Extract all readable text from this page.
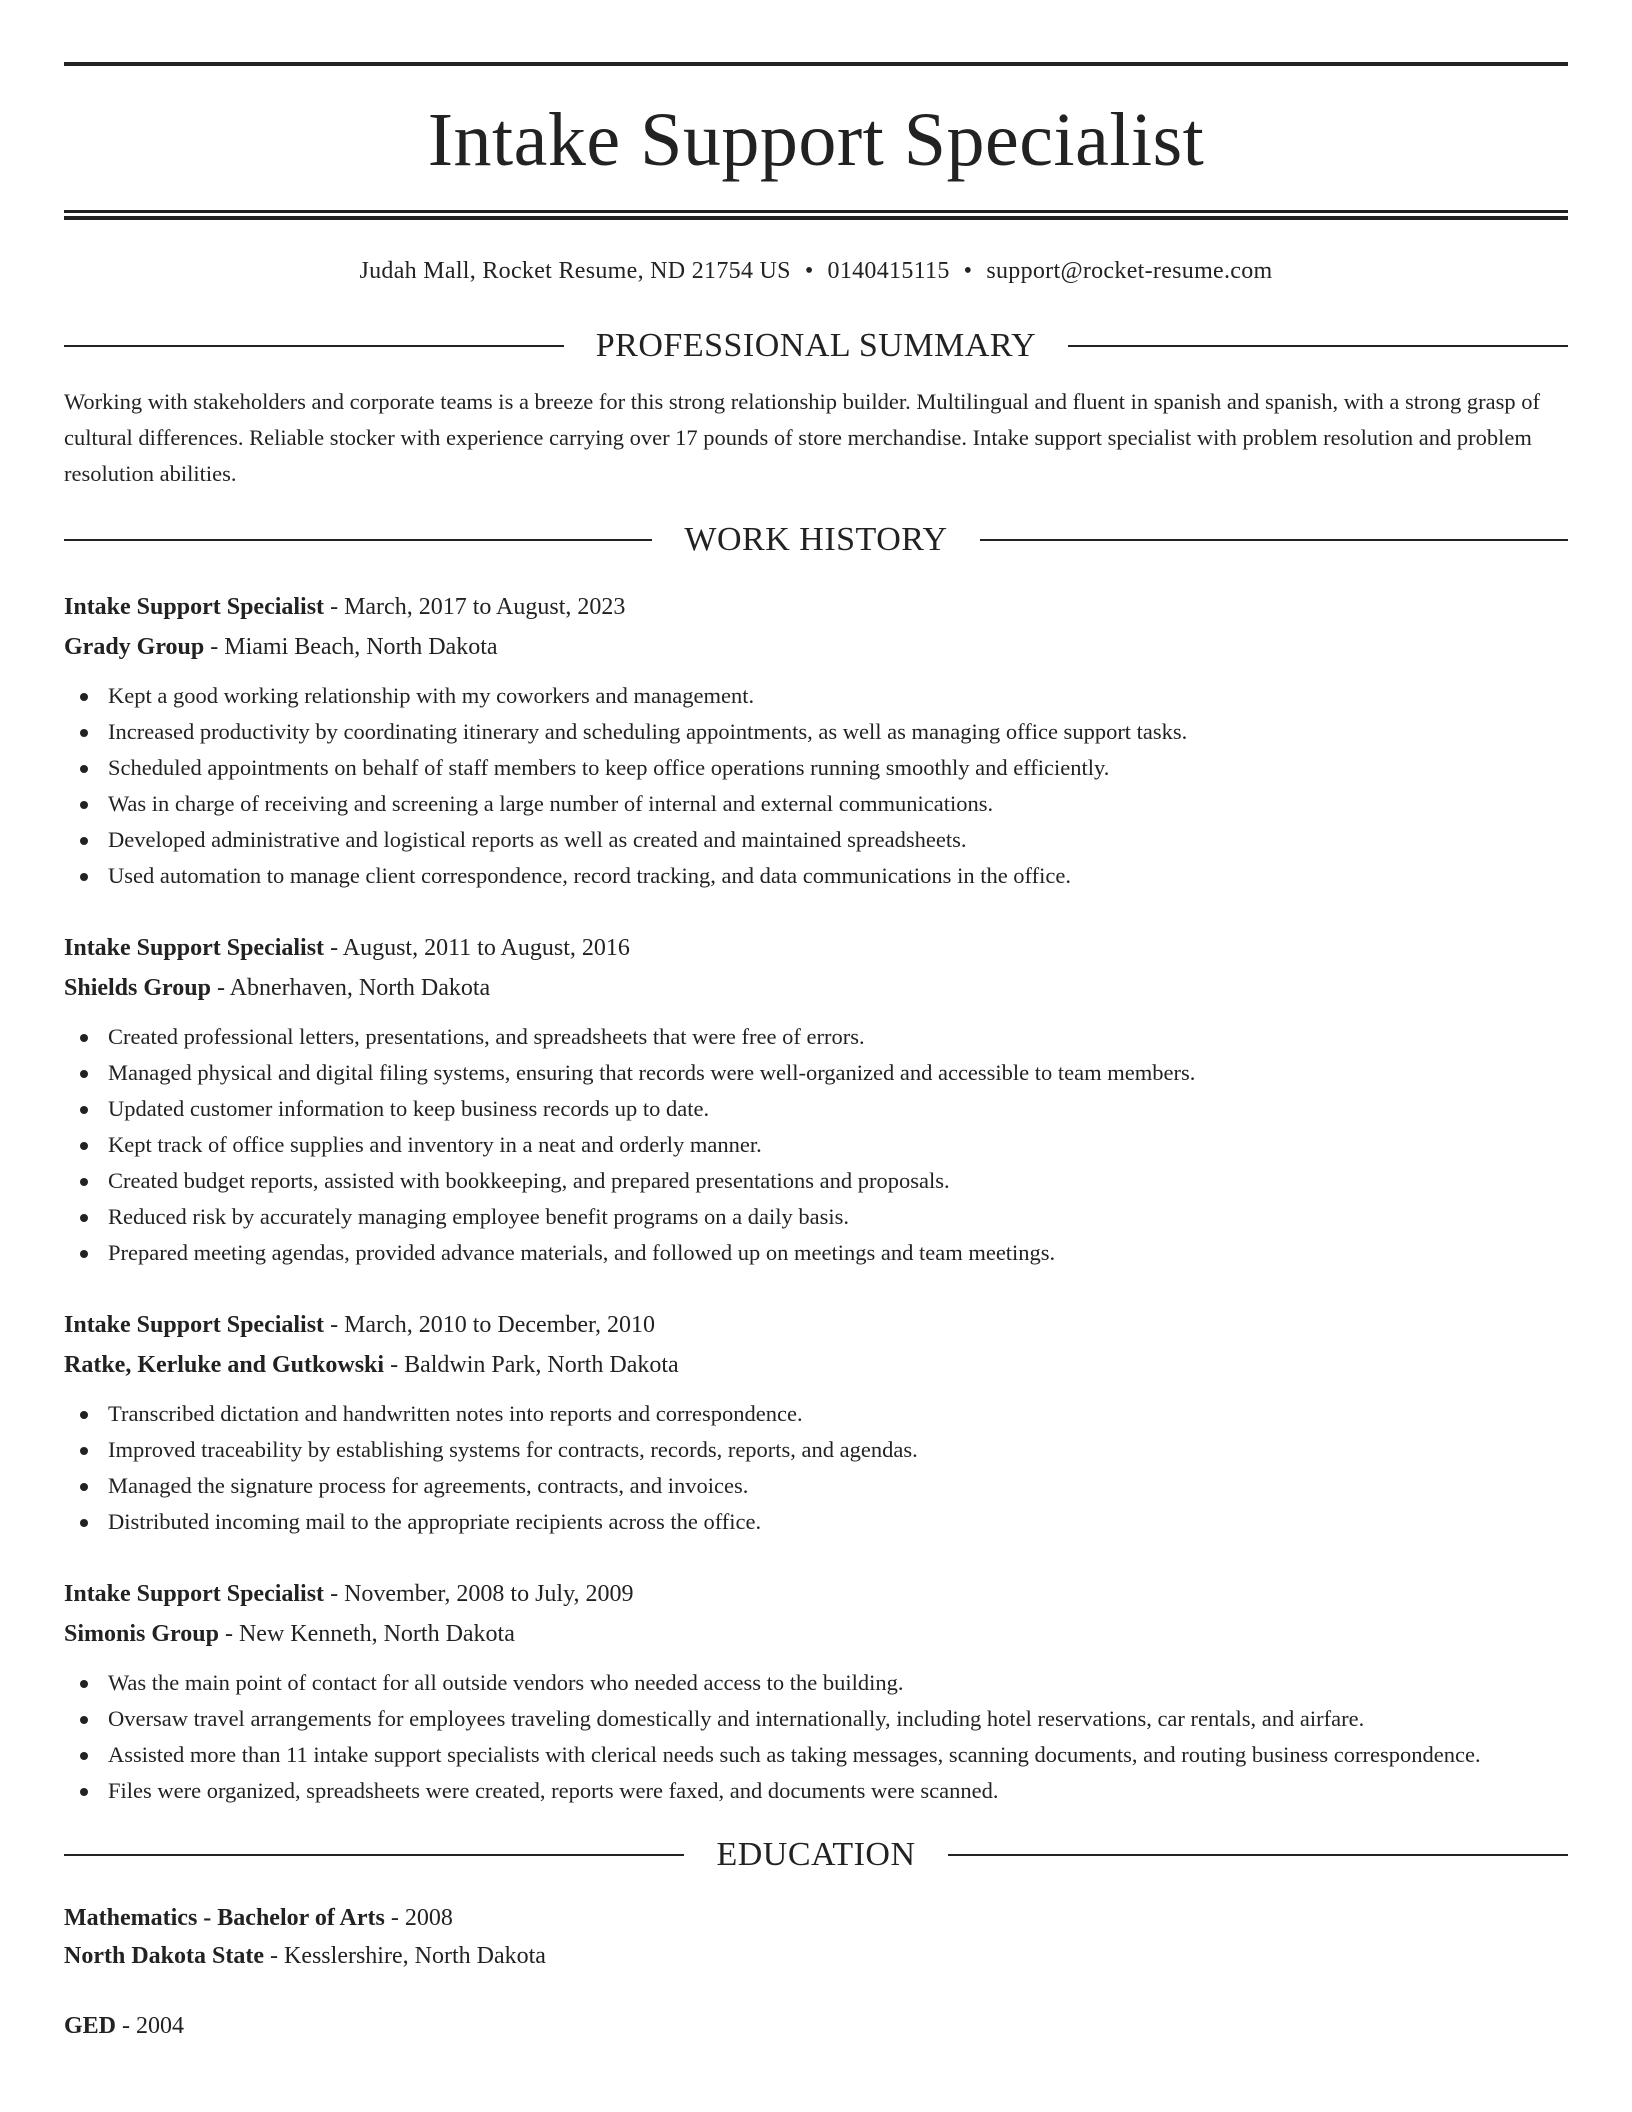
Intake Support Specialist
Judah Mall, Rocket Resume, ND 21754 US • 0140415115 • support@rocket-resume.com
PROFESSIONAL SUMMARY

Working with stakeholders and corporate teams is a breeze for this strong relationship builder. Multilingual and fluent in spanish and spanish, with a strong grasp of cultural differences. Reliable stocker with experience carrying over 17 pounds of store merchandise. Intake support specialist with problem resolution and problem resolution abilities.

WORK HISTORY
Intake Support Specialist - March, 2017 to August, 2023
Grady Group - Miami Beach, North Dakota
Kept a good working relationship with my coworkers and management.
Increased productivity by coordinating itinerary and scheduling appointments, as well as managing office support tasks.
Scheduled appointments on behalf of staff members to keep office operations running smoothly and efficiently.
Was in charge of receiving and screening a large number of internal and external communications.
Developed administrative and logistical reports as well as created and maintained spreadsheets.
Used automation to manage client correspondence, record tracking, and data communications in the office.
Intake Support Specialist - August, 2011 to August, 2016
Shields Group - Abnerhaven, North Dakota
Created professional letters, presentations, and spreadsheets that were free of errors.
Managed physical and digital filing systems, ensuring that records were well-organized and accessible to team members.
Updated customer information to keep business records up to date.
Kept track of office supplies and inventory in a neat and orderly manner.
Created budget reports, assisted with bookkeeping, and prepared presentations and proposals.
Reduced risk by accurately managing employee benefit programs on a daily basis.
Prepared meeting agendas, provided advance materials, and followed up on meetings and team meetings.
Intake Support Specialist - March, 2010 to December, 2010
Ratke, Kerluke and Gutkowski - Baldwin Park, North Dakota
Transcribed dictation and handwritten notes into reports and correspondence.
Improved traceability by establishing systems for contracts, records, reports, and agendas.
Managed the signature process for agreements, contracts, and invoices.
Distributed incoming mail to the appropriate recipients across the office.
Intake Support Specialist - November, 2008 to July, 2009
Simonis Group - New Kenneth, North Dakota
Was the main point of contact for all outside vendors who needed access to the building.
Oversaw travel arrangements for employees traveling domestically and internationally, including hotel reservations, car rentals, and airfare.
Assisted more than 11 intake support specialists with clerical needs such as taking messages, scanning documents, and routing business correspondence.
Files were organized, spreadsheets were created, reports were faxed, and documents were scanned.
EDUCATION
Mathematics - Bachelor of Arts - 2008
North Dakota State - Kesslershire, North Dakota
GED - 2004
